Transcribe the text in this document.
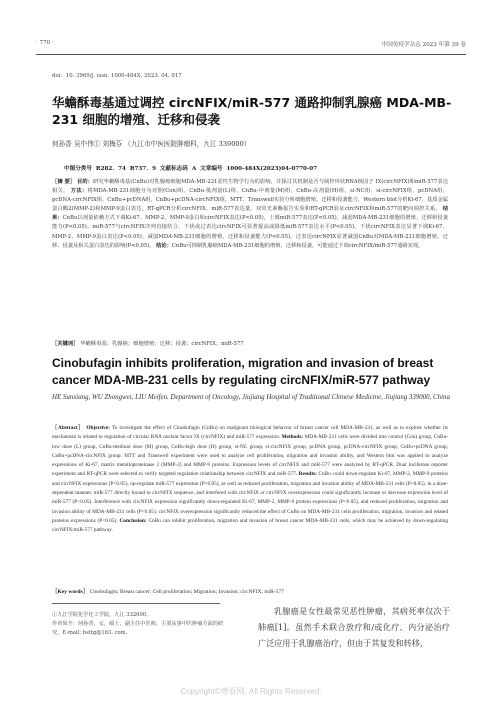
· 770 ·	中国免疫学杂志 2023 年第 39 卷
doi：10. 3969/j. issn. 1000-484X. 2023. 04. 017
华蟾酥毒基通过调控 circNFIX/miR-577 通路抑制乳腺癌 MDA-MB-231 细胞的增殖、迁移和侵袭
何孙香 吴中伟① 刘梅芬 （九江市中医医院肿瘤科，九江 339000）
中图分类号 R282. 74 R737. 9 文献标志码 A 文章编号 1000-484X(2023)04-0770-07
［摘 要］ 目的：研究华蟾酥毒基(CnBu)对乳腺癌细胞MDA-MB-231恶性生物学行为的影响，并探讨其机制是否与阔控环状RNA核因子 IX(circNFIX)和miR-577表达相关。 方法：将MDA-MB-231细胞分为对照(Con)组、CnBu-低剂量(L)组、CnBu-中剂量(M)组、CnBu-高剂量(H)组、si-NC组、si-circNFIX组、pcDNA组、pcDNA-circNFIX组、CnBu+pcDNA组、CnBu+pcDNA-circNFIX组。MTT、Transwell实验分析细胞增殖、迁移和侵袭能力，Western blot分析Ki-67、基质金属蛋白酶2(MMP-2)和MMP-9蛋白表达。RT-qPCR分析circNFIX、miR-577表达量。双荧光素酶报告实验和RT-qPCR验证circNFIX和miR-577的靶向调控关系。 结果：CnBu以剂量依赖方式下调Ki-67、MMP-2、MMP-9蛋白和circNFIX表达(P<0.05)，上调miR-577表达(P<0.05)，减弱MDA-MB-231细胞的增殖、迁移和侵袭能力(P<0.05)。miR-577与circNFIX序列直接结合，干扰或过表达circNFIX可显著提高或降低miR-577表达水平(P<0.05)。干扰circNFIX表达显著下调Ki-67、MMP-2、MMP-9蛋白表达(P<0.05)，减弱MDA-MB-231细胞的增殖、迁移和侵袭能力(P<0.05)。过表达circNFIX显著减弱CnBu对MDA-MB-231细胞增殖、迁移、侵袭及相关蛋白表达的影响(P<0.05)。 结论：CnBu可抑制乳腺癌MDA-MB-231细胞的增殖、迁移和侵袭，可能通过下调circNFIX/miR-577通路实现。
［关键词］ 华蟾酥毒基；乳腺癌；细胞增殖；迁移；侵袭；circNFIX；miR-577
Cinobufagin inhibits proliferation, migration and invasion of breast cancer MDA-MB-231 cells by regulating circNFIX/miR-577 pathway
HE Sunxiang, WU Zhongwei, LIU Meifen. Department of Oncology, Jiujiang Hospital of Traditional Chinese Medicine, Jiujiang 339000, China
［Abstract］ Objective: To investigate the effect of Cinobufagin (CnBu) on malignant biological behavior of breast cancer cell MDA-MB-231, as well as to explore whether its mechanism is related to regulation of circular RNA nuclear factor IX (circNFIX) and miR-577 expression. Methods: MDA-MB-231 cells were divided into control (Con) group, CnBu-low dose (L) group, CnBu-medium dose (M) group, CnBu-high dose (H) group, si-NC group, si-circNFIX group, pcDNA group, pcDNA-circNFIX group, CnBu+pcDNA group, CnBu+pcDNA-circNFIX group. MTT and Transwell experiment were used to analyze cell proliferation, migration and invasion ability, and Western blot was applied to analyze expressions of Ki-67, matrix metalloproteinase 2 (MMP-2) and MMP-9 proteins. Expression levels of circNFIX and miR-577 were analyzed by RT-qPCR. Dual luciferase reporter experiment and RT-qPCR were selected to verify targeted regulation relationship between circNFIX and miR-577. Results: CnBu could down-regulate Ki-67, MMP-2, MMP-9 proteins and circNFIX expressions (P<0.05), up-regulate miR-577 expression (P<0.05), as well as reduced proliferation, migration and invasion ability of MDA-MB-231 cells (P<0.05), in a dose-dependent manner. miR-577 directly bound to circNFIX sequence, and interfered with circNFIX or circNFIX overexpression could significantly increase or decrease expression level of miR-577 (P<0.05). Interference with circNFIX expression significantly down-regulated Ki-67, MMP-2, MMP-9 protein expressions (P<0.05), and reduced proliferation, migration and invasion ability of MDA-MB-231 cells (P<0.05). circNFIX overexpression significantly reduced the effect of CnBu on MDA-MB-231 cells proliferation, migration, invasion and related proteins expressions (P<0.05). Conclusion: CnBu can inhibit proliferation, migration and invasion of breast cancer MDA-MB-231 cells, which may be achieved by down-regulating circNFIX/miR-577 pathway.
［Key words］ Cinobufagin; Breast cancer; Cell proliferation; Migration; Invasion; circNFIX; miR-577
①九江学院化学化工学院，九江 332000。
作者简介：何孙香，女，硕士，副主任中医师，主要从事中医肿瘤方面的研究，E-mail: hsttg@163. com。

乳腺癌是女性最常见恶性肿瘤，其病死率仅次于肺癌[1]。虽然手术联合放疗和/或化疗、内分泌治疗广泛应用于乳腺癌治疗，但由于其复发和转移，

Copyright©博看网. All Rights Reserved.
